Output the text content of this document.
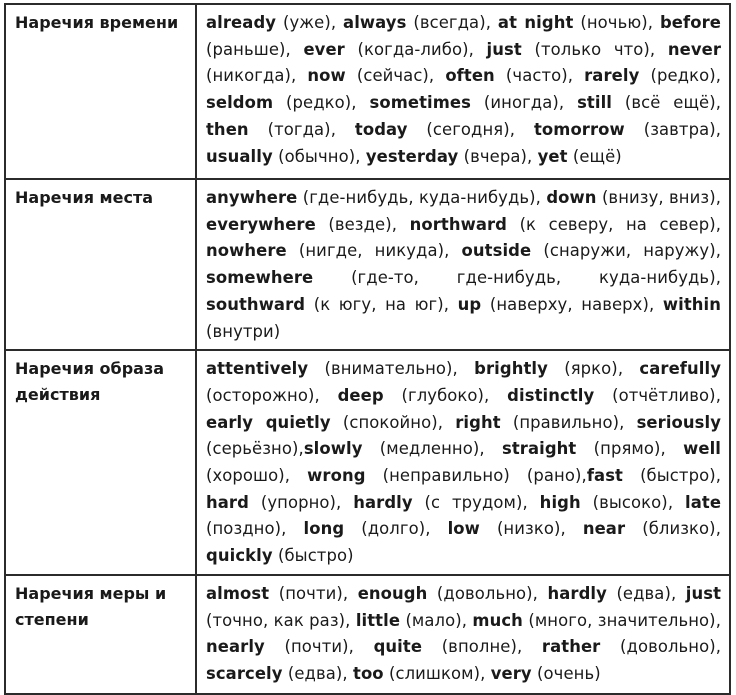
Наречия времени	already (уже), always (всегда), at night (ночью), before (раньше), ever (когда-либо), just (только что), never (никогда), now (сейчас), often (часто), rarely (редко), seldom (редко), sometimes (иногда), still (всё ещё), then (тогда), today (сегодня), tomorrow (завтра), usually (обычно), yesterday (вчера), yet (ещё)
Наречия места	anywhere (где-нибудь, куда-нибудь), down (внизу, вниз), everywhere (везде), northward (к северу, на север), nowhere (нигде, никуда), outside (снаружи, наружу), somewhere (где-то, где-нибудь, куда-нибудь), southward (к югу, на юг), up (наверху, наверх), within (внутри)
Наречия образа действия	attentively (внимательно), brightly (ярко), carefully (осторожно), deep (глубоко), distinctly (отчётливо), early quietly (спокойно), right (правильно), seriously (серьёзно),slowly (медленно), straight (прямо), well (хорошо), wrong (неправильно) (рано),fast (быстро), hard (упорно), hardly (с трудом), high (высоко), late (поздно), long (долго), low (низко), near (близко), quickly (быстро)
Наречия меры и степени	almost (почти), enough (довольно), hardly (едва), just (точно, как раз), little (мало), much (много, значительно), nearly (почти), quite (вполне), rather (довольно), scarcely (едва), too (слишком), very (очень)
